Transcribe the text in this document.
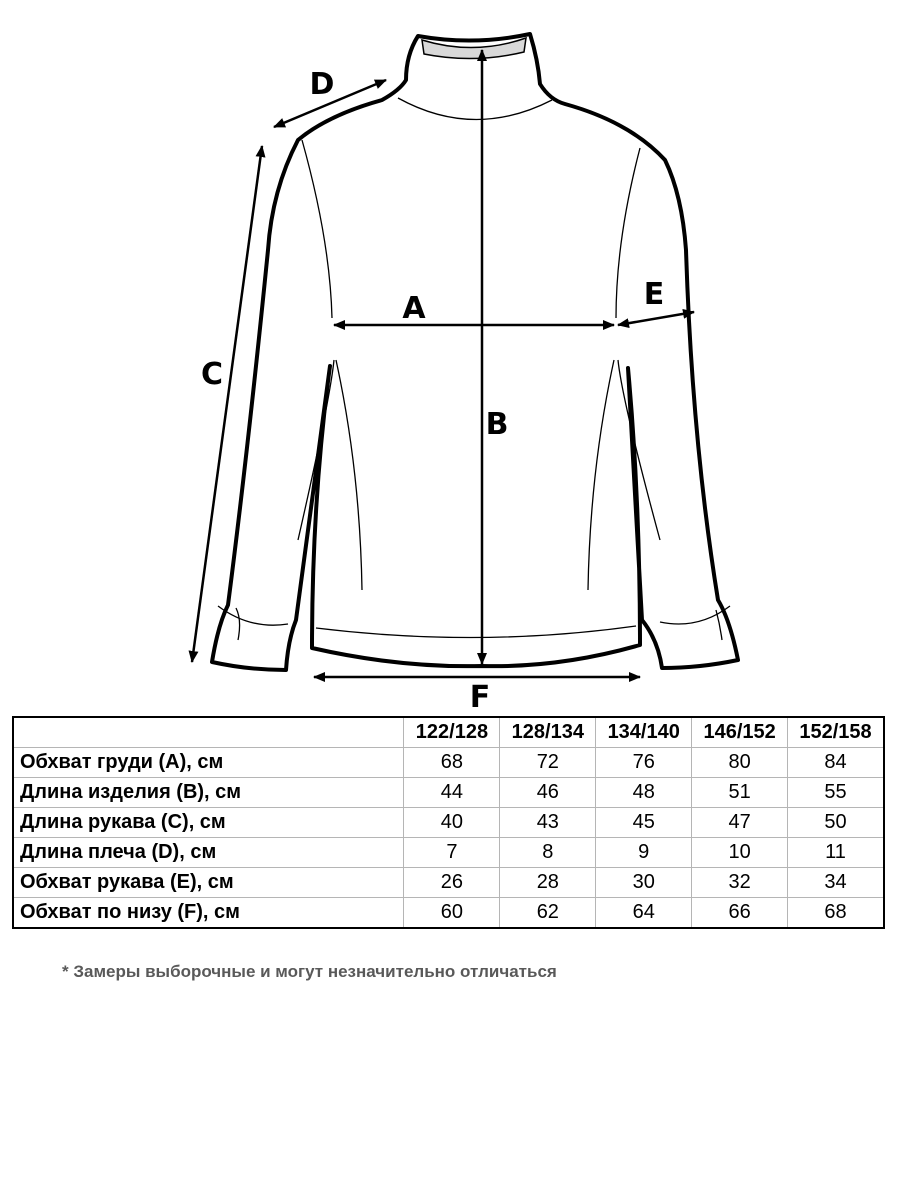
D
C
A
B
E
F
	122/128	128/134	134/140	146/152	152/158
Обхват груди (A), см	68	72	76	80	84
Длина изделия (B), см	44	46	48	51	55
Длина рукава (C), см	40	43	45	47	50
Длина плеча (D), см	7	8	9	10	11
Обхват рукава (E), см	26	28	30	32	34
Обхват по низу (F), см	60	62	64	66	68
* Замеры выборочные и могут незначительно отличаться
